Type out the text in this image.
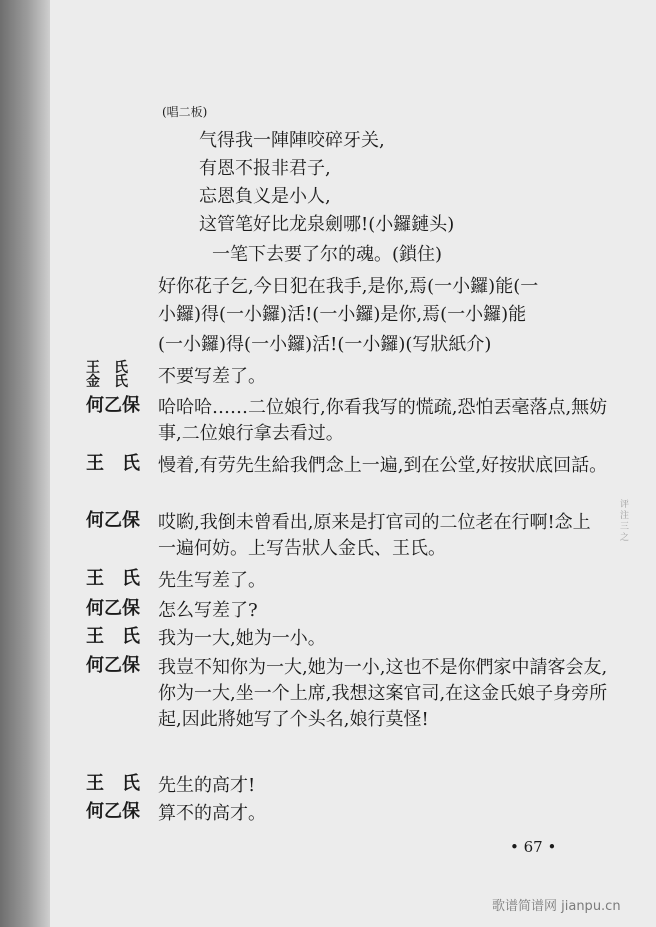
(唱二板)
气得我一陣陣咬碎牙关,
有恩不报非君子,
忘恩負义是小人,
这管笔好比龙泉劍哪!(小鑼鏈头)
一笔下去要了尔的魂。(鎖住)
好你花子乞,今日犯在我手,是你,焉(一小鑼)能(一
小鑼)得(一小鑼)活!(一小鑼)是你,焉(一小鑼)能
(一小鑼)得(一小鑼)活!(一小鑼)(写狀紙介)
王　氏
金　氏	不要写差了。
何乙保	哈哈哈……二位娘行,你看我写的慌疏,恐怕丟毫落点,無妨事,二位娘行拿去看过。
王　氏	慢着,有劳先生給我們念上一遍,到在公堂,好按狀底回話。
何乙保	哎喲,我倒未曾看出,原来是打官司的二位老在行啊!念上一遍何妨。上写告狀人金氏、王氏。
王　氏	先生写差了。
何乙保	怎么写差了?
王　氏	我为一大,她为一小。
何乙保	我豈不知你为一大,她为一小,这也不是你們家中請客会友,你为一大,坐一个上席,我想这案官司,在这金氏娘子身旁所起,因此將她写了个头名,娘行莫怪!
王　氏	先生的高才!
何乙保	算不的高才。
• 67 •
歌谱简谱网 jianpu.cn
评
注
三
之
